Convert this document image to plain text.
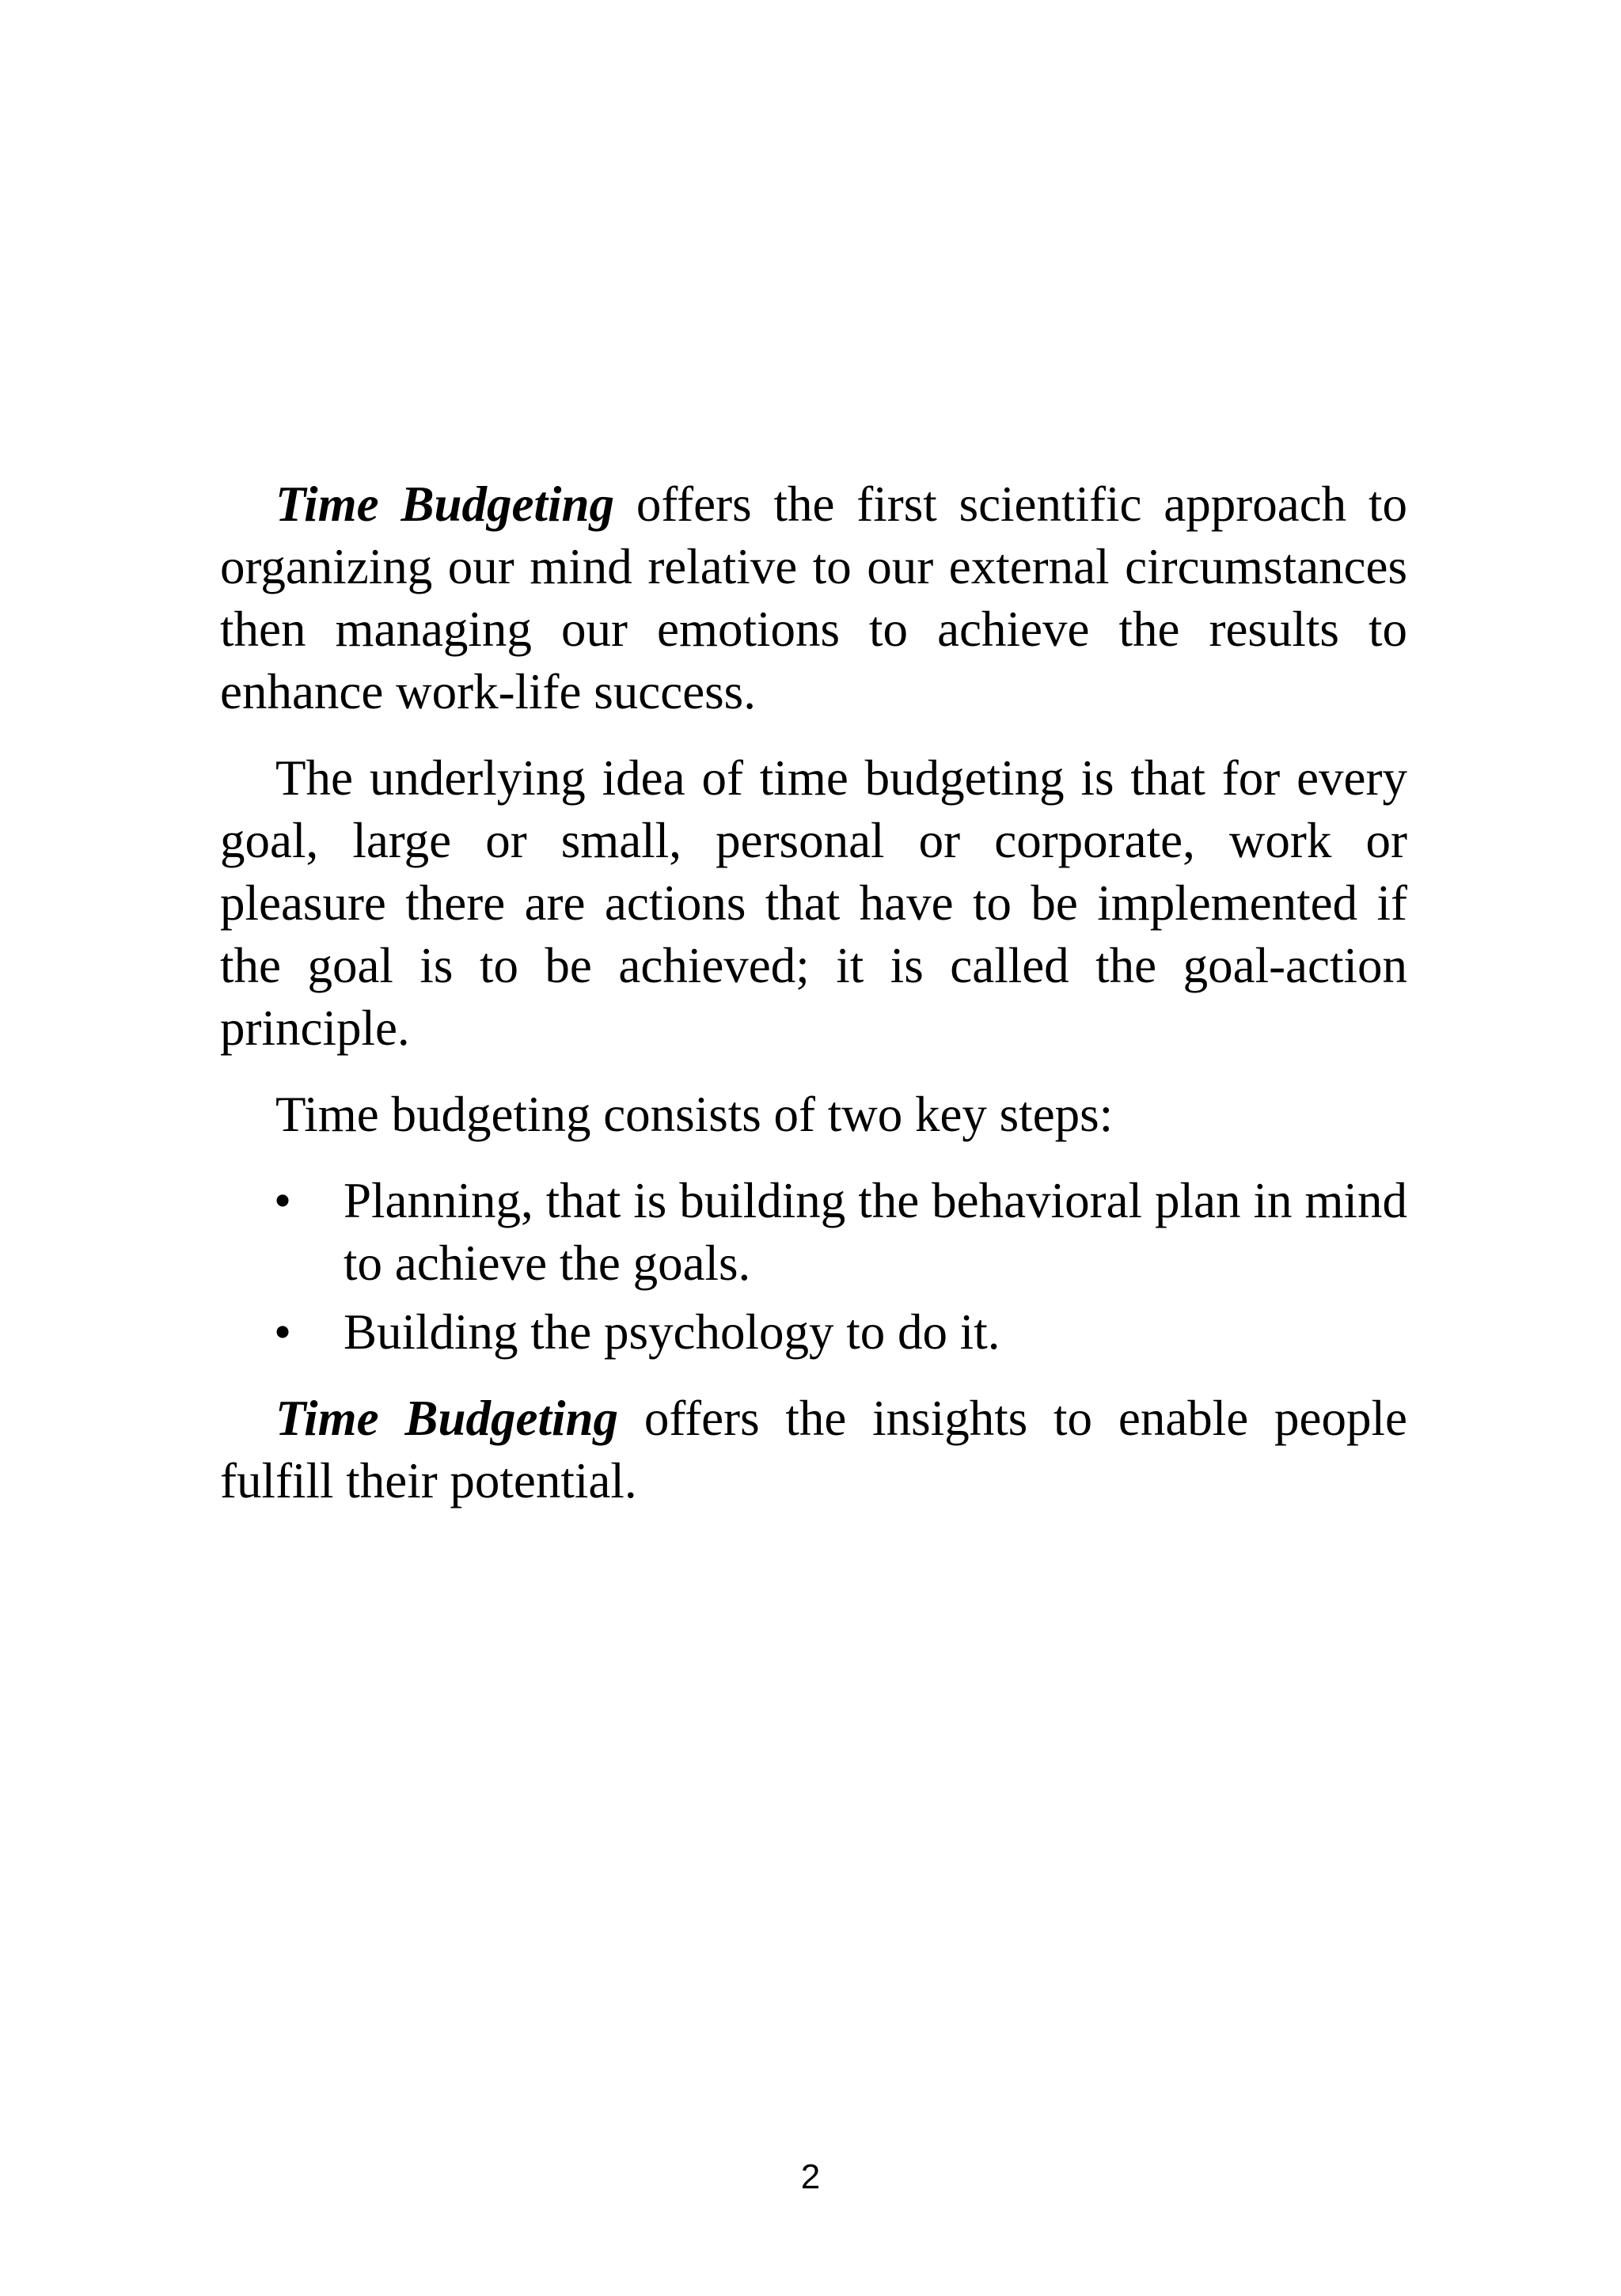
Time Budgeting offers the first scientific approach to organizing our mind relative to our external circumstances then managing our emotions to achieve the results to enhance work-life success.

The underlying idea of time budgeting is that for every goal, large or small, personal or corporate, work or pleasure there are actions that have to be implemented if the goal is to be achieved; it is called the goal-action principle.

Time budgeting consists of two key steps:

• Planning, that is building the behavioral plan in mind to achieve the goals.
• Building the psychology to do it.

Time Budgeting offers the insights to enable people fulfill their potential.

2
